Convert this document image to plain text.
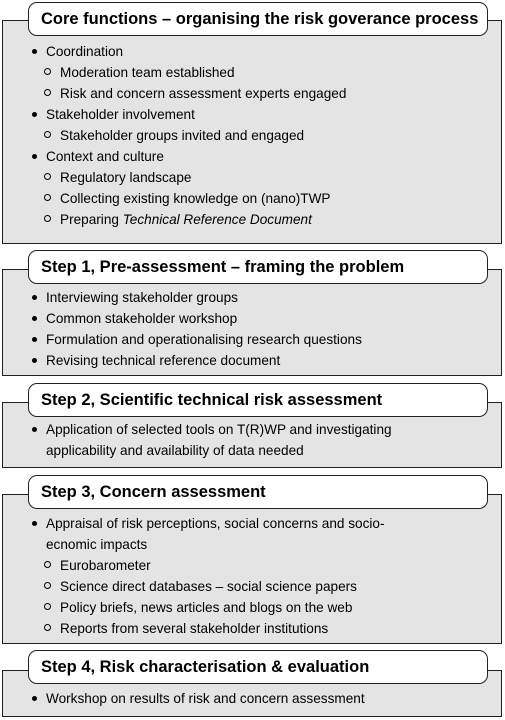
Core functions – organising the risk goverance process
Coordination
Moderation team established
Risk and concern assessment experts engaged
Stakeholder involvement
Stakeholder groups invited and engaged
Context and culture
Regulatory landscape
Collecting existing knowledge on (nano)TWP
Preparing Technical Reference Document
Step 1, Pre-assessment – framing the problem
Interviewing stakeholder groups
Common stakeholder workshop
Formulation and operationalising research questions
Revising technical reference document
Step 2, Scientific technical risk assessment
Application of selected tools on T(R)WP and investigating
applicability and availability of data needed
Step 3, Concern assessment
Appraisal of risk perceptions, social concerns and socio-
ecnomic impacts
Eurobarometer
Science direct databases – social science papers
Policy briefs, news articles and blogs on the web
Reports from several stakeholder institutions
Step 4, Risk characterisation & evaluation
Workshop on results of risk and concern assessment
